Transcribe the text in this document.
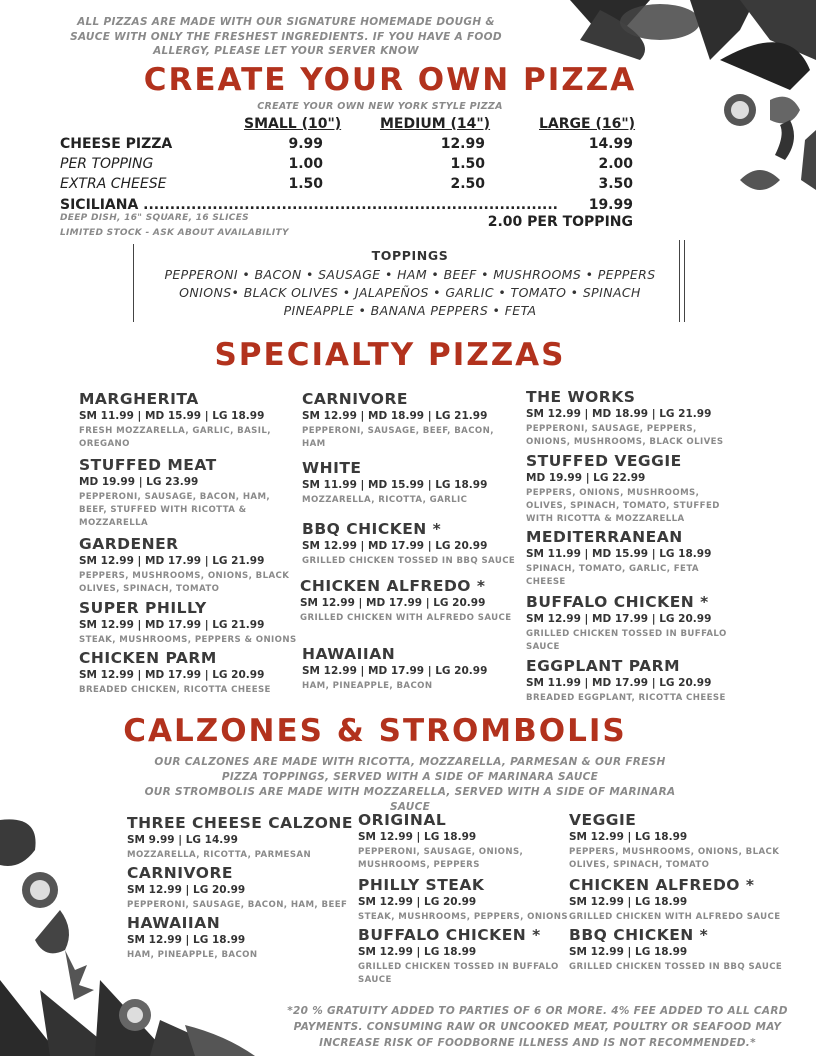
ALL PIZZAS ARE MADE WITH OUR SIGNATURE HOMEMADE DOUGH & SAUCE WITH ONLY THE FRESHEST INGREDIENTS. IF YOU HAVE A FOOD ALLERGY, PLEASE LET YOUR SERVER KNOW
CREATE YOUR OWN PIZZA
CREATE YOUR OWN NEW YORK STYLE PIZZA
SMALL (10")	MEDIUM (14")	LARGE (16")
CHEESE PIZZA	9.99	12.99	14.99
PER TOPPING	1.00	1.50	2.00
EXTRA CHEESE	1.50	2.50	3.50
SICILIANA ..............................................................................	19.99
DEEP DISH, 16" SQUARE, 16 SLICES
LIMITED STOCK - ASK ABOUT AVAILABILITY
2.00 PER TOPPING
TOPPINGS
PEPPERONI • BACON • SAUSAGE • HAM • BEEF • MUSHROOMS • PEPPERS
ONIONS• BLACK OLIVES • JALAPEÑOS • GARLIC • TOMATO • SPINACH
PINEAPPLE • BANANA PEPPERS • FETA
SPECIALTY PIZZAS
MARGHERITA
SM 11.99 | MD 15.99 | LG 18.99
FRESH MOZZARELLA, GARLIC, BASIL, OREGANO
STUFFED MEAT
MD 19.99 | LG 23.99
PEPPERONI, SAUSAGE, BACON, HAM, BEEF, STUFFED WITH RICOTTA & MOZZARELLA
GARDENER
SM 12.99 | MD 17.99 | LG 21.99
PEPPERS, MUSHROOMS, ONIONS, BLACK OLIVES, SPINACH, TOMATO
SUPER PHILLY
SM 12.99 | MD 17.99 | LG 21.99
STEAK, MUSHROOMS, PEPPERS & ONIONS
CHICKEN PARM
SM 12.99 | MD 17.99 | LG 20.99
BREADED CHICKEN, RICOTTA CHEESE
CARNIVORE
SM 12.99 | MD 18.99 | LG 21.99
PEPPERONI, SAUSAGE, BEEF, BACON, HAM
WHITE
SM 11.99 | MD 15.99 | LG 18.99
MOZZARELLA, RICOTTA, GARLIC
BBQ CHICKEN *
SM 12.99 | MD 17.99 | LG 20.99
GRILLED CHICKEN TOSSED IN BBQ SAUCE
CHICKEN ALFREDO *
SM 12.99 | MD 17.99 | LG 20.99
GRILLED CHICKEN WITH ALFREDO SAUCE
HAWAIIAN
SM 12.99 | MD 17.99 | LG 20.99
HAM, PINEAPPLE, BACON
THE WORKS
SM 12.99 | MD 18.99 | LG 21.99
PEPPERONI, SAUSAGE, PEPPERS, ONIONS, MUSHROOMS, BLACK OLIVES
STUFFED VEGGIE
MD 19.99 | LG 22.99
PEPPERS, ONIONS, MUSHROOMS, OLIVES, SPINACH, TOMATO, STUFFED WITH RICOTTA & MOZZARELLA
MEDITERRANEAN
SM 11.99 | MD 15.99 | LG 18.99
SPINACH, TOMATO, GARLIC, FETA CHEESE
BUFFALO CHICKEN *
SM 12.99 | MD 17.99 | LG 20.99
GRILLED CHICKEN TOSSED IN BUFFALO SAUCE
EGGPLANT PARM
SM 11.99 | MD 17.99 | LG 20.99
BREADED EGGPLANT, RICOTTA CHEESE
CALZONES & STROMBOLIS
OUR CALZONES ARE MADE WITH RICOTTA, MOZZARELLA, PARMESAN & OUR FRESH PIZZA TOPPINGS, SERVED WITH A SIDE OF MARINARA SAUCE
OUR STROMBOLIS ARE MADE WITH MOZZARELLA, SERVED WITH A SIDE OF MARINARA SAUCE
THREE CHEESE CALZONE
SM 9.99 | LG 14.99
MOZZARELLA, RICOTTA, PARMESAN
CARNIVORE
SM 12.99 | LG 20.99
PEPPERONI, SAUSAGE, BACON, HAM, BEEF
HAWAIIAN
SM 12.99 | LG 18.99
HAM, PINEAPPLE, BACON
ORIGINAL
SM 12.99 | LG 18.99
PEPPERONI, SAUSAGE, ONIONS, MUSHROOMS, PEPPERS
PHILLY STEAK
SM 12.99 | LG 20.99
STEAK, MUSHROOMS, PEPPERS, ONIONS
BUFFALO CHICKEN *
SM 12.99 | LG 18.99
GRILLED CHICKEN TOSSED IN BUFFALO SAUCE
VEGGIE
SM 12.99 | LG 18.99
PEPPERS, MUSHROOMS, ONIONS, BLACK OLIVES, SPINACH, TOMATO
CHICKEN ALFREDO *
SM 12.99 | LG 18.99
GRILLED CHICKEN WITH ALFREDO SAUCE
BBQ CHICKEN *
SM 12.99 | LG 18.99
GRILLED CHICKEN TOSSED IN BBQ SAUCE
*20 % GRATUITY ADDED TO PARTIES OF 6 OR MORE. 4% FEE ADDED TO ALL CARD PAYMENTS. CONSUMING RAW OR UNCOOKED MEAT, POULTRY OR SEAFOOD MAY INCREASE RISK OF FOODBORNE ILLNESS AND IS NOT RECOMMENDED.*
